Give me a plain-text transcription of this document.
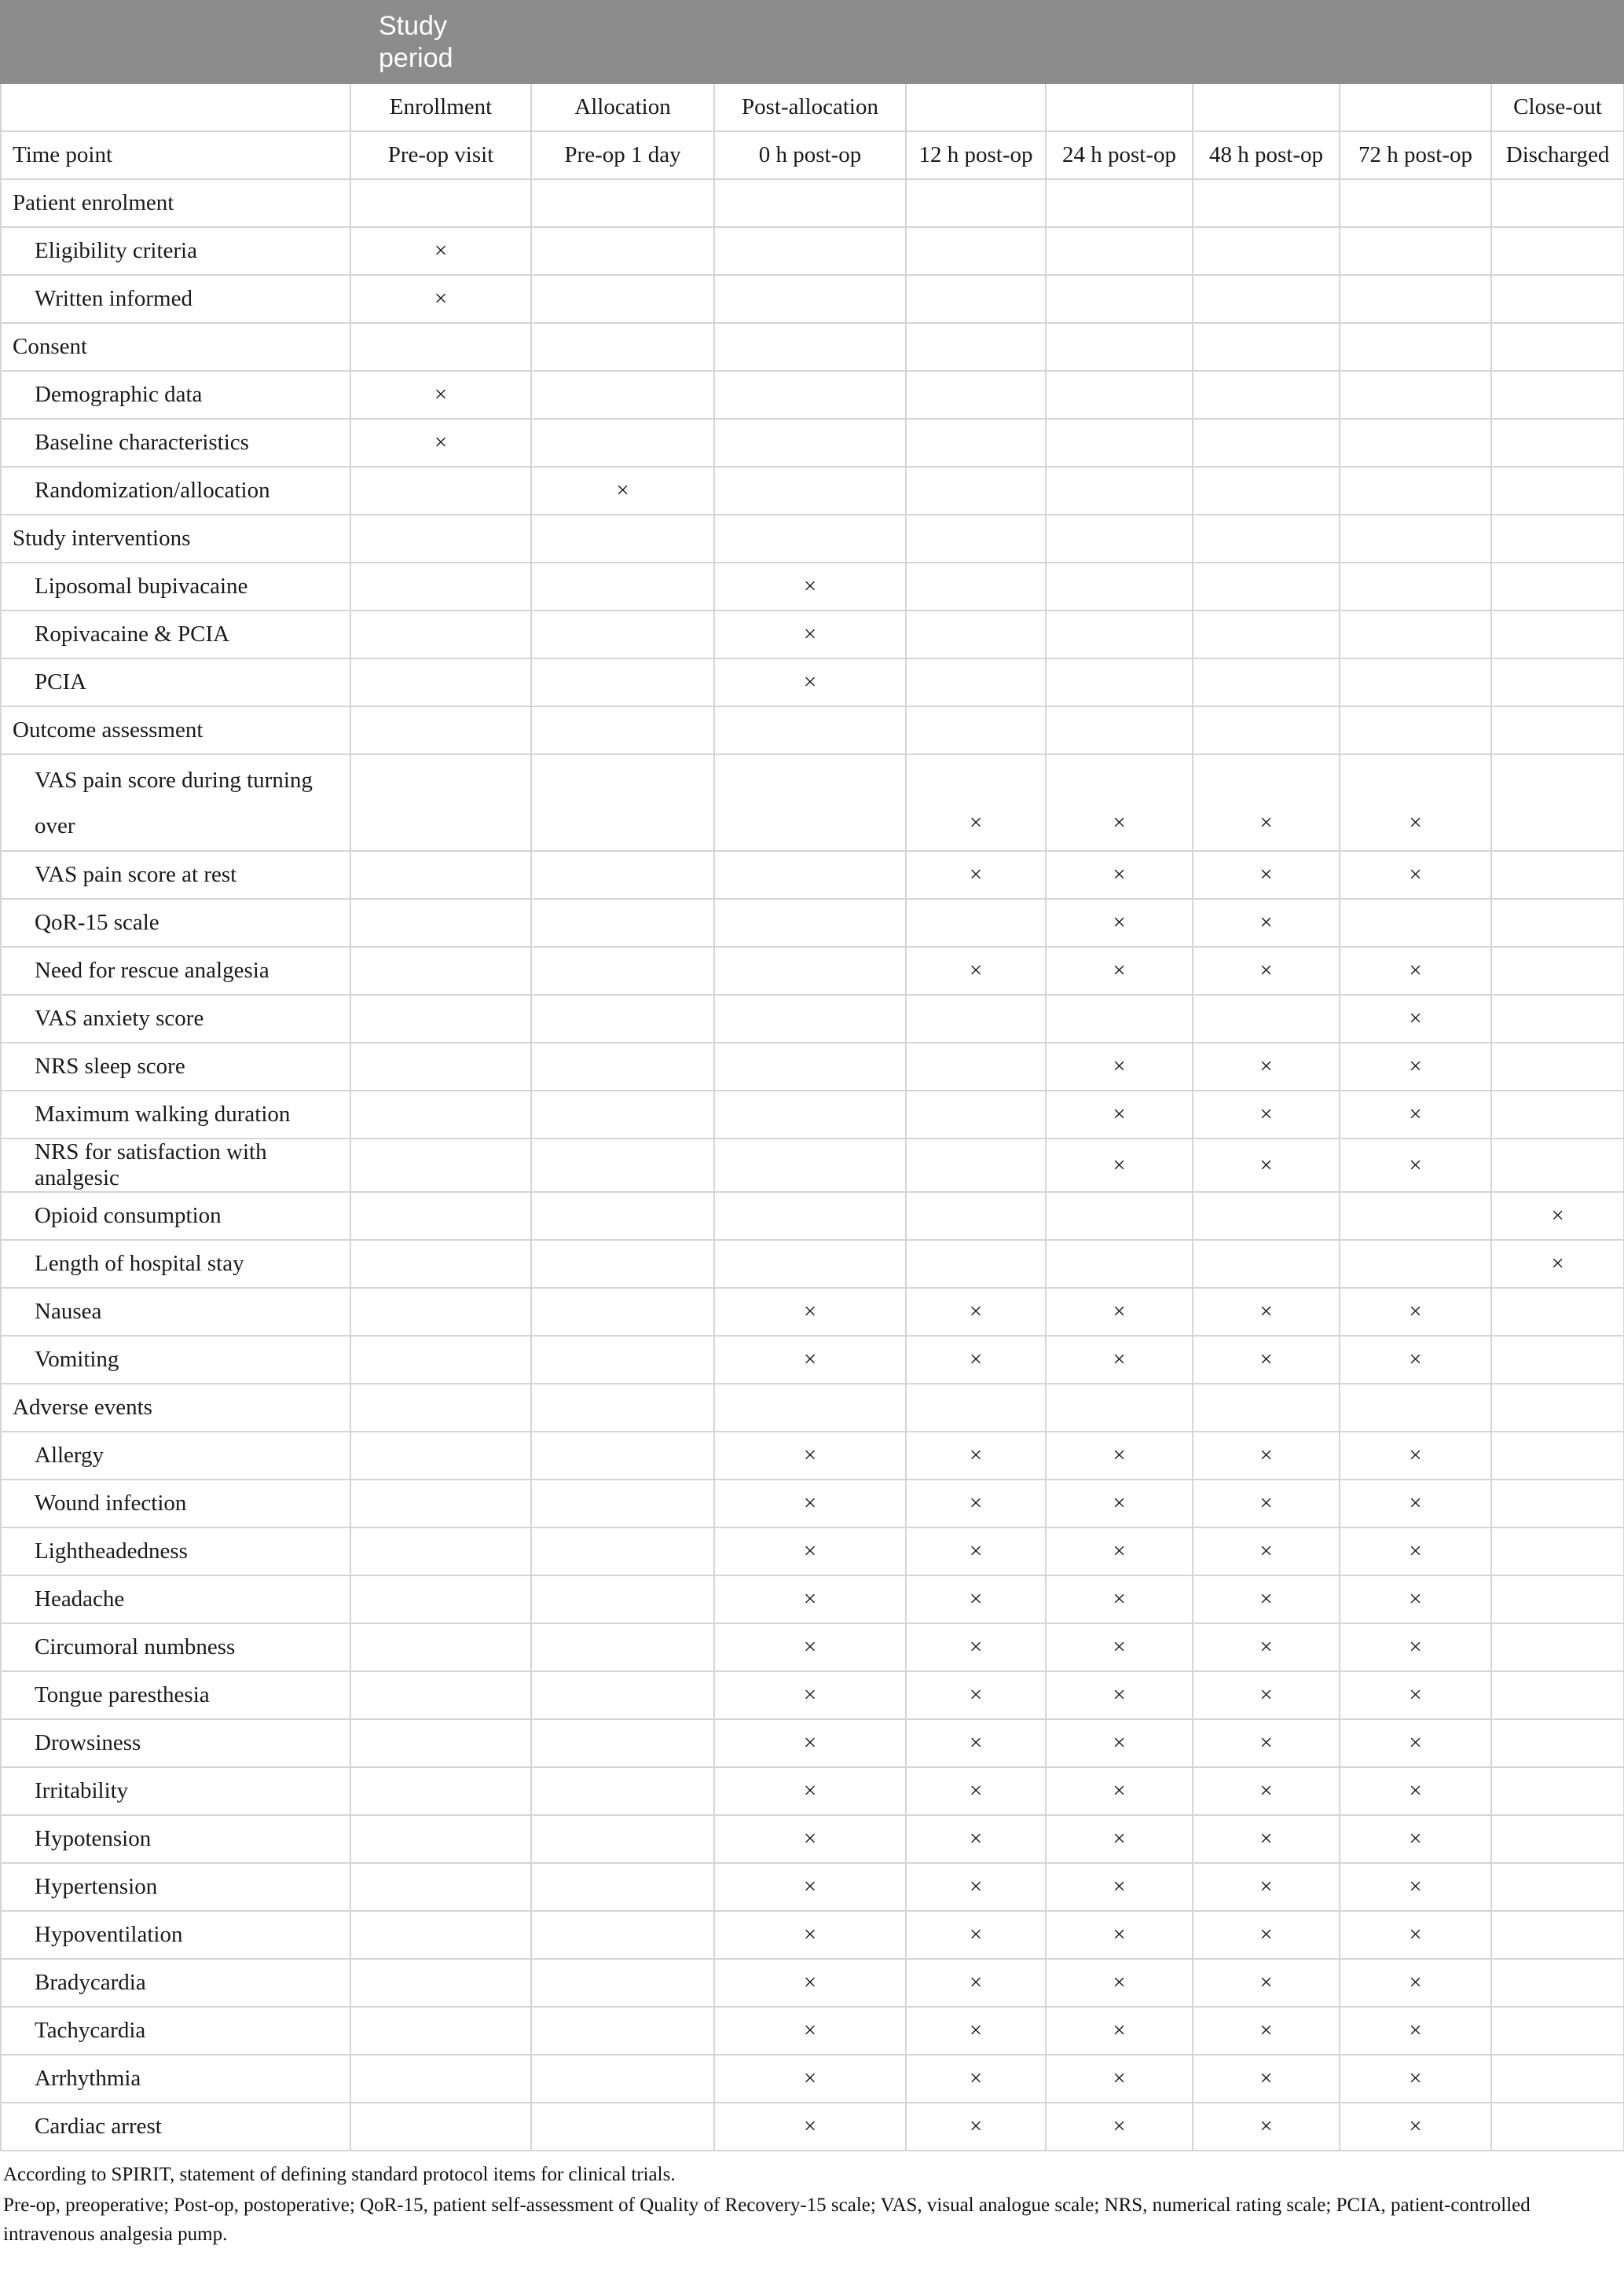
Study period								

	Enrollment	Allocation	Post-allocation					Close-out
Time point	Pre-op visit	Pre-op 1 day	0 h post-op	12 h post-op	24 h post-op	48 h post-op	72 h post-op	Discharged
Patient enrolment								
Eligibility criteria	×							
Written informed	×							
Consent								
Demographic data	×							
Baseline characteristics	×							
Randomization/allocation		×						
Study interventions								
Liposomal bupivacaine			×					
Ropivacaine & PCIA			×					
PCIA			×					
Outcome assessment								
VAS pain score during turning over				×	×	×	×	
VAS pain score at rest				×	×	×	×	
QoR-15 scale					×	×		
Need for rescue analgesia				×	×	×	×	
VAS anxiety score							×	
NRS sleep score					×	×	×	
Maximum walking duration					×	×	×	
NRS for satisfaction with analgesic					×	×	×	
Opioid consumption								×
Length of hospital stay								×
Nausea			×	×	×	×	×	
Vomiting			×	×	×	×	×	
Adverse events								
Allergy			×	×	×	×	×	
Wound infection			×	×	×	×	×	
Lightheadedness			×	×	×	×	×	
Headache			×	×	×	×	×	
Circumoral numbness			×	×	×	×	×	
Tongue paresthesia			×	×	×	×	×	
Drowsiness			×	×	×	×	×	
Irritability			×	×	×	×	×	
Hypotension			×	×	×	×	×	
Hypertension			×	×	×	×	×	
Hypoventilation			×	×	×	×	×	
Bradycardia			×	×	×	×	×	
Tachycardia			×	×	×	×	×	
Arrhythmia			×	×	×	×	×	
Cardiac arrest			×	×	×	×	×	

According to SPIRIT, statement of defining standard protocol items for clinical trials.

Pre-op, preoperative; Post-op, postoperative; QoR-15, patient self-assessment of Quality of Recovery-15 scale; VAS, visual analogue scale; NRS, numerical rating scale; PCIA, patient-controlled intravenous analgesia pump.
